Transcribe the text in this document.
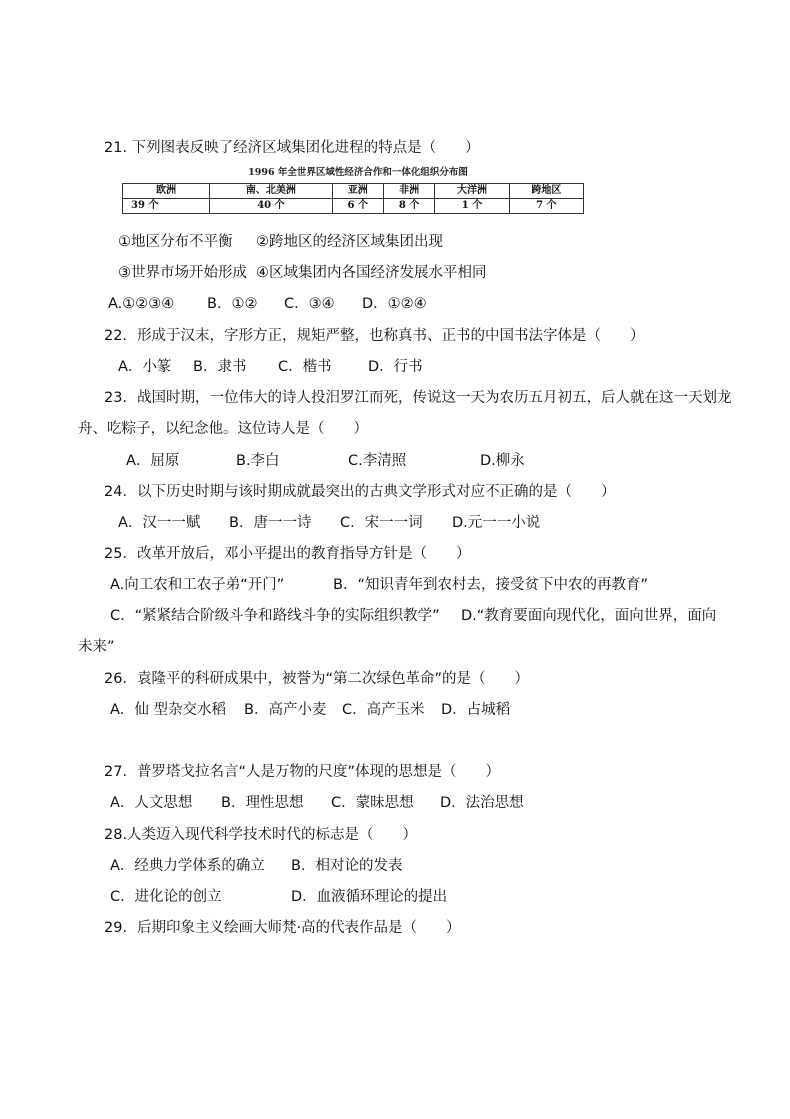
21. 下列图表反映了经济区域集团化进程的特点是（　　）
1996 年全世界区域性经济合作和一体化组织分布图
欧洲	南、北美洲	亚洲	非洲	大洋洲	跨地区
39 个	40 个	6 个	8 个	1 个	7 个
①地区分布不平衡 ②跨地区的经济区域集团出现
③世界市场开始形成 ④区域集团内各国经济发展水平相同
A.①②③④ B．①② C．③④ D．①②④
22．形成于汉末，字形方正，规矩严整，也称真书、正书的中国书法字体是（　　）
A．小篆 B．隶书 C．楷书	D．行书
23．战国时期，一位伟大的诗人投汨罗江而死，传说这一天为农历五月初五，后人就在这一天划龙
舟、吃粽子，以纪念他。这位诗人是（　　）
A．屈原	B.李白	C.李清照	D.柳永
24．以下历史时期与该时期成就最突出的古典文学形式对应不正确的是（　　）
A．汉一一赋 B．唐一一诗 C．宋一一词 D.元一一小说
25．改革开放后，邓小平提出的教育指导方针是（　　）
A.向工农和工农子弟“开门”	B．“知识青年到农村去，接受贫下中农的再教育”
C．“紧紧结合阶级斗争和路线斗争的实际组织教学” D.“教育要面向现代化，面向世界，面向
未来”
26．袁隆平的科研成果中，被誉为“第二次绿色革命”的是（　　）
A．仙 型杂交水稻 B．高产小麦 C．高产玉米 D．占城稻
27．普罗塔戈拉名言“人是万物的尺度”体现的思想是（　　）
A．人文思想 B．理性思想 C．蒙昧思想 D．法治思想
28.人类迈入现代科学技术时代的标志是（　　）
A．经典力学体系的确立 B．相对论的发表
C．进化论的创立	D．血液循环理论的提出
29．后期印象主义绘画大师梵·高的代表作品是（　　）
